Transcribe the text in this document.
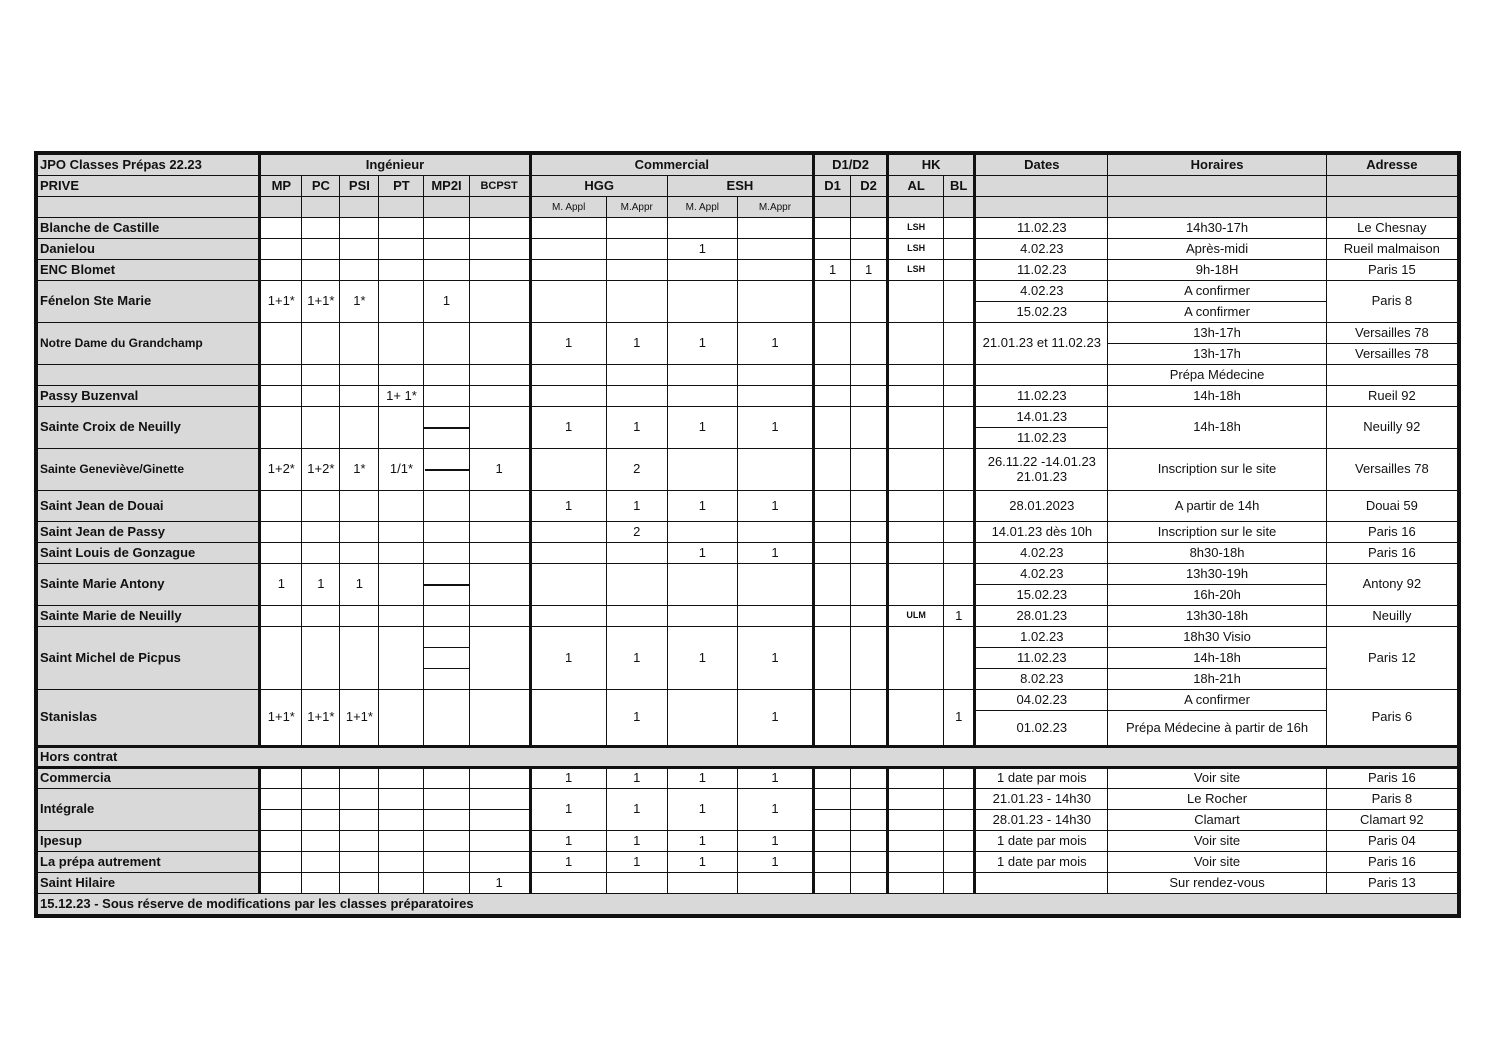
JPO Classes Prépas 22.23	Ingénieur						Commercial				D1/D2		HK		Dates	Horaires	Adresse
PRIVE	MP	PC	PSI	PT	MP2I	BCPST	HGG		ESH		D1	D2	AL	BL			
							M. Appl	M.Appr	M. Appl	M.Appr							
Blanche de Castille													LSH		11.02.23	14h30-17h	Le Chesnay
Danielou									1				LSH		4.02.23	Après-midi	Rueil malmaison
ENC Blomet											1	1	LSH		11.02.23	9h-18H	Paris 15
Fénelon Ste Marie	1+1*	1+1*	1*		1										4.02.23	A confirmer	Paris 8
															15.02.23	A confirmer	
Notre Dame du Grandchamp							1	1	1	1					21.01.23 et 11.02.23	13h-17h	Versailles 78
																13h-17h	Versailles 78
																Prépa Médecine	
Passy Buzenval				1+ 1*											11.02.23	14h-18h	Rueil 92
Sainte Croix de Neuilly							1	1	1	1					14.01.23	14h-18h	Neuilly 92
															11.02.23		
Sainte Geneviève/Ginette	1+2*	1+2*	1*	1/1*		1		2							26.11.22 -14.01.23 21.01.23	Inscription sur le site	Versailles 78
Saint Jean de Douai							1	1	1	1					28.01.2023	A partir de 14h	Douai 59
Saint Jean de Passy								2							14.01.23 dès 10h	Inscription sur le site	Paris 16
Saint Louis de Gonzague									1	1					4.02.23	8h30-18h	Paris 16
Sainte Marie Antony	1	1	1												4.02.23	13h30-19h	Antony 92
															15.02.23	16h-20h	
Sainte Marie de Neuilly													ULM	1	28.01.23	13h30-18h	Neuilly
Saint Michel de Picpus							1	1	1	1					1.02.23	18h30 Visio	Paris 12
															11.02.23	14h-18h	
															8.02.23	18h-21h	
Stanislas	1+1*	1+1*	1+1*					1		1				1	04.02.23	A confirmer	Paris 6
															01.02.23	Prépa Médecine à partir de 16h	
Hors contrat																	
Commercia							1	1	1	1					1 date par mois	Voir site	Paris 16
Intégrale							1	1	1	1					21.01.23 - 14h30	Le Rocher	Paris 8
															28.01.23 - 14h30	Clamart	Clamart 92
Ipesup							1	1	1	1					1 date par mois	Voir site	Paris 04
La prépa autrement							1	1	1	1					1 date par mois	Voir site	Paris 16
Saint Hilaire						1										Sur rendez-vous	Paris 13
15.12.23 - Sous réserve de modifications par les classes préparatoires																	
